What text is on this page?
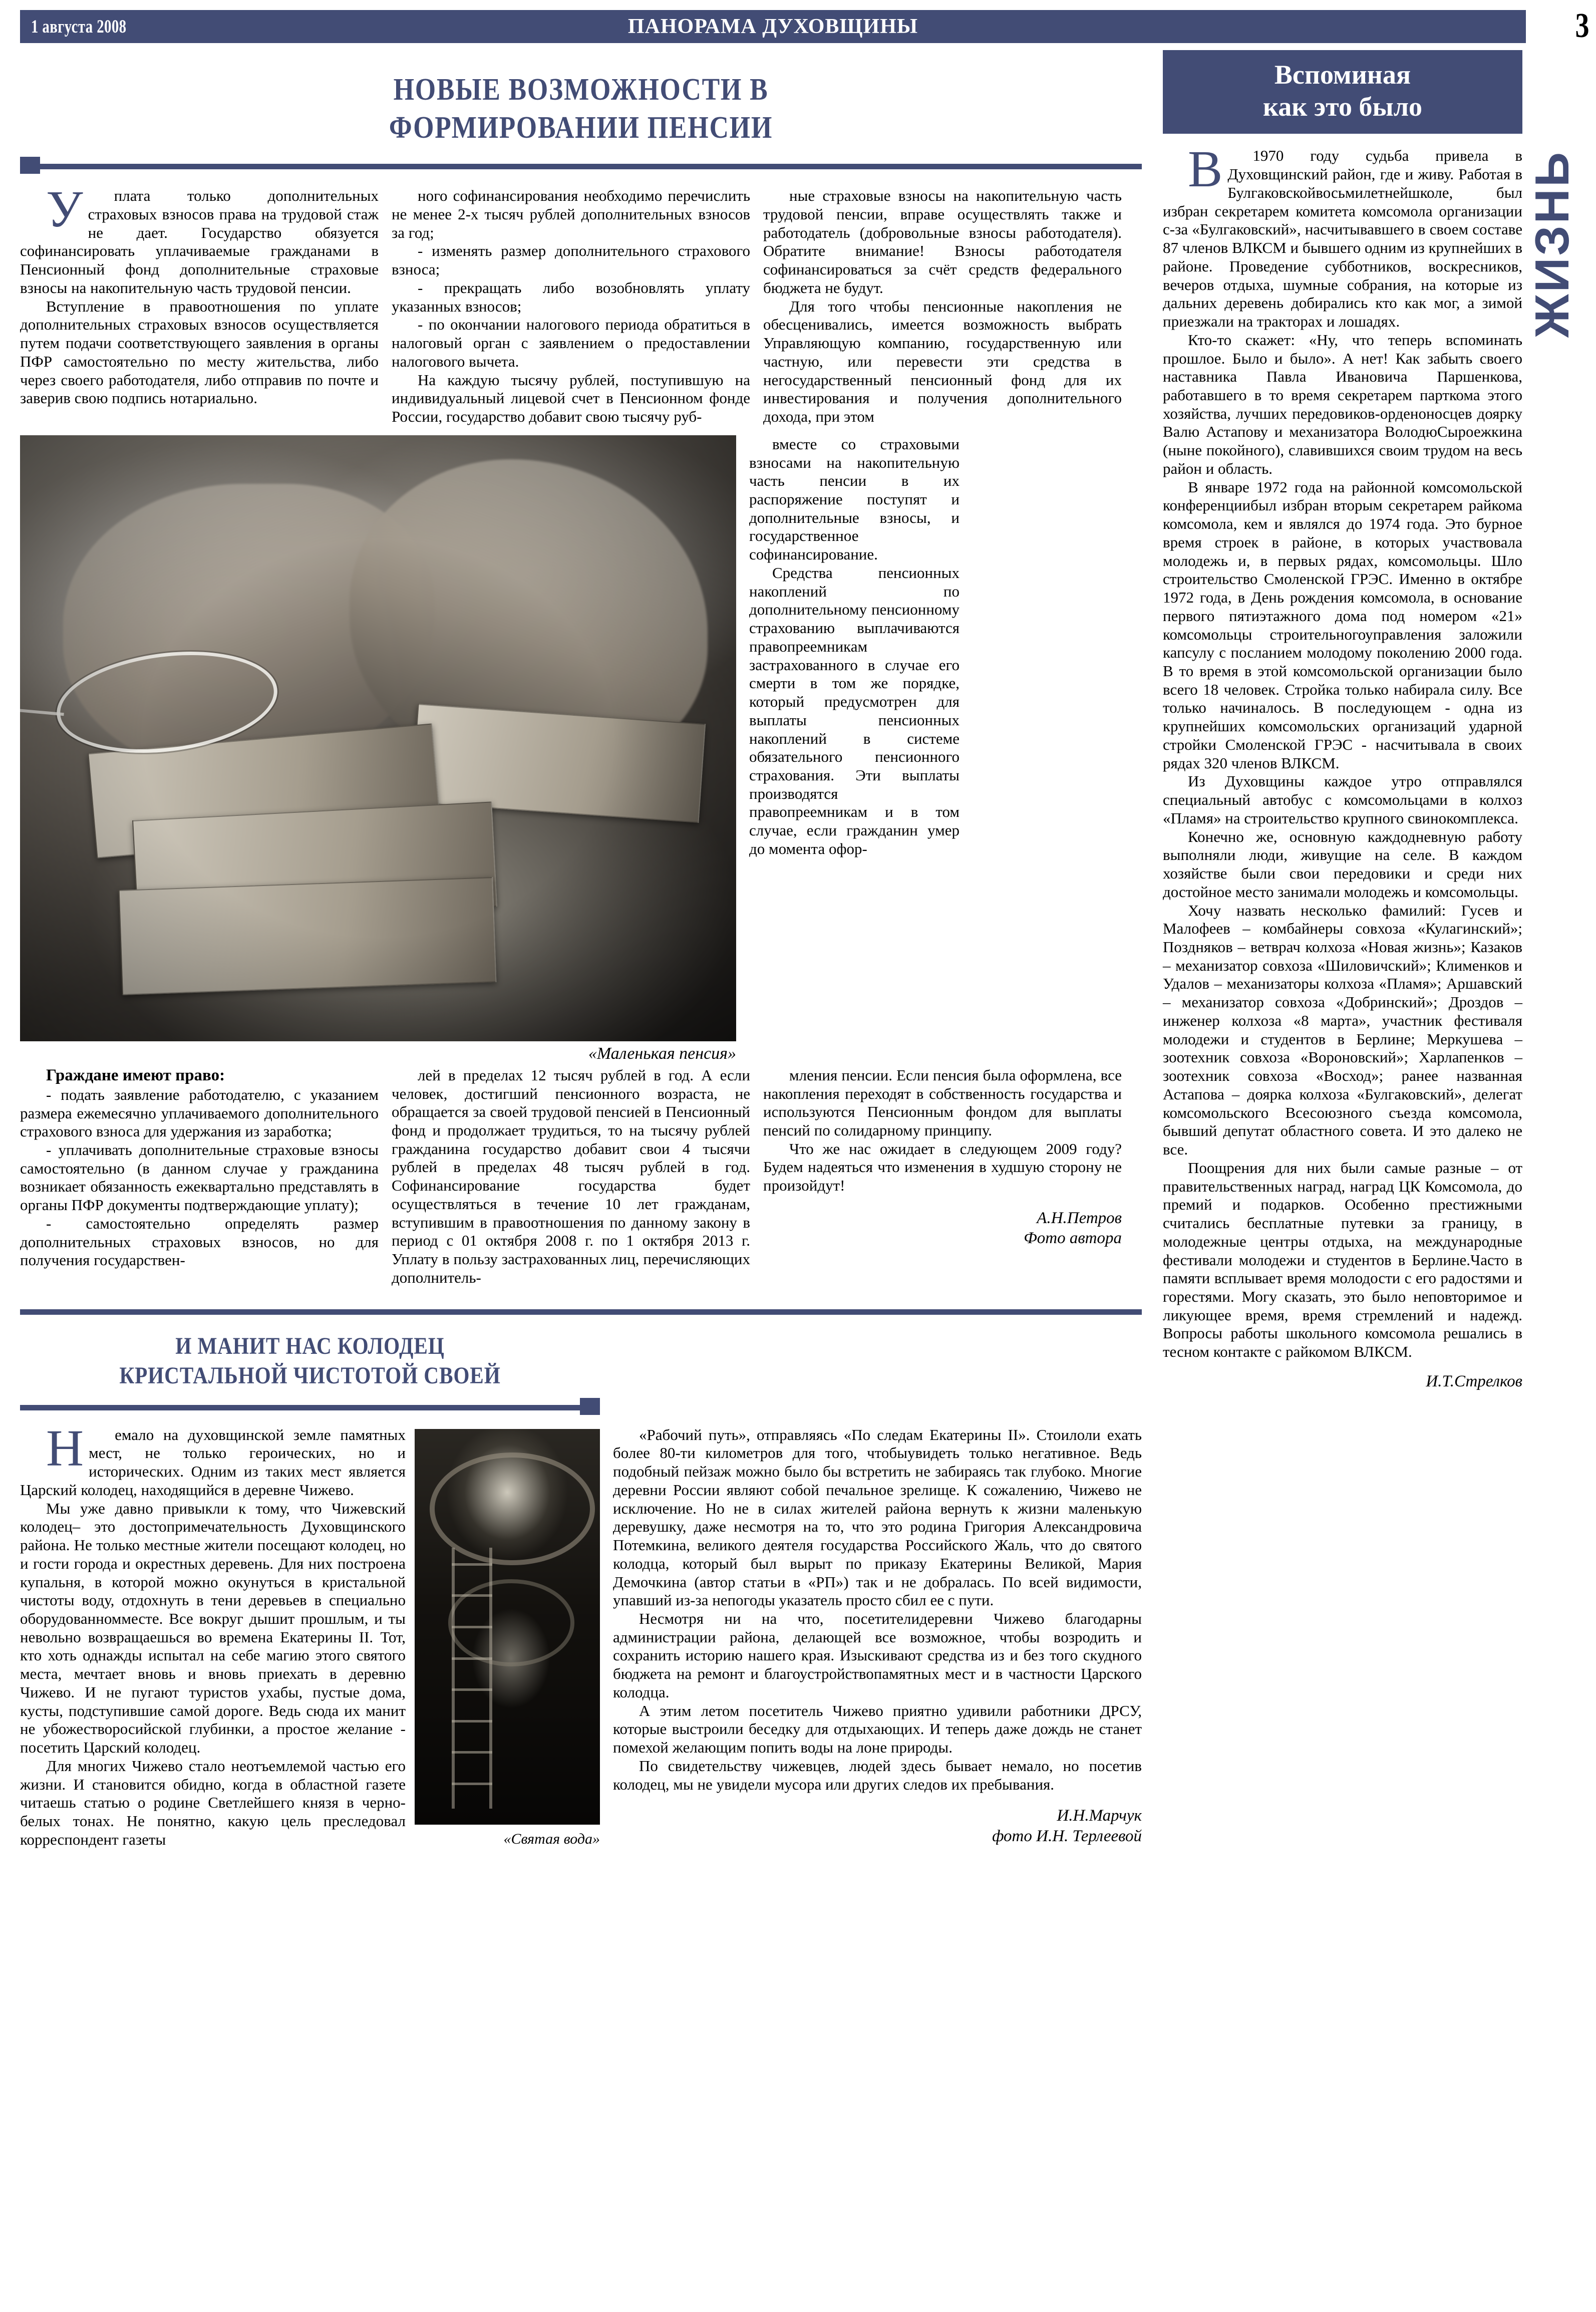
1 августа 2008	ПАНОРАМА ДУХОВЩИНЫ	3
ЖИЗНЬ
НОВЫЕ ВОЗМОЖНОСТИ В
ФОРМИРОВАНИИ ПЕНСИИ

У	плата только дополнительных страховых взносов права на трудовой стаж не дает. Государство обязуется софинансировать уплачиваемые гражданами в Пенсионный фонд дополнительные страховые взносы на накопительную часть трудовой пенсии.

Вступление в правоотношения по уплате дополнительных страховых взносов осуществляется путем подачи соответствующего заявления в органы ПФР самостоятельно по месту жительства, либо через своего работодателя, либо отправив по почте и заверив свою подпись нотариально.

ного софинансирования необходимо перечислить не менее 2-х тысяч рублей дополнительных взносов за год;

- изменять размер дополнительного страхового взноса;

- прекращать либо возобновлять уплату указанных взносов;

- по окончании налогового периода обратиться в налоговый орган с заявлением о предоставлении налогового вычета.

На каждую тысячу рублей, поступившую на индивидуальный лицевой счет в Пенсионном фонде России, государство добавит свою тысячу руб-

ные страховые взносы на накопительную часть трудовой пенсии, вправе осуществлять также и работодатель (добровольные взносы работодателя). Обратите внимание! Взносы работодателя софинансироваться за счёт средств федерального бюджета не будут.

Для того чтобы пенсионные накопления не обесценивались, имеется возможность выбрать Управляющую компанию, государственную или частную, или перевести эти средства в негосударственный пенсионный фонд для их инвестирования и получения дополнительного дохода, при этом

«Маленькая пенсия»

вместе со страховыми взносами на накопительную часть пенсии в их распоряжение поступят и дополнительные взносы, и государственное софинансирование.

Средства пенсионных накоплений по дополнительному пенсионному страхованию выплачиваются правопреемникам застрахованного в случае его смерти в том же порядке, который предусмотрен для выплаты пенсионных накоплений в системе обязательного пенсионного страхования. Эти выплаты производятся правопреемникам и в том случае, если гражданин умер до момента офор-

Граждане имеют право:

- подать заявление работодателю, с указанием размера ежемесячно уплачиваемого дополнительного страхового взноса для удержания из заработка;

- уплачивать дополнительные страховые взносы самостоятельно (в данном случае у гражданина возникает обязанность ежеквартально представлять в органы ПФР документы подтверждающие уплату);

- самостоятельно определять размер дополнительных страховых взносов, но для получения государствен-

лей в пределах 12 тысяч рублей в год. А если человек, достигший пенсионного возраста, не обращается за своей трудовой пенсией в Пенсионный фонд и продолжает трудиться, то на тысячу рублей гражданина государство добавит свои 4 тысячи рублей в пределах 48 тысяч рублей в год. Софинансирование государства будет осуществляться в течение 10 лет гражданам, вступившим в правоотношения по данному закону в период с 01 октября 2008 г. по 1 октября 2013 г. Уплату в пользу застрахованных лиц, перечисляющих дополнитель-

мления пенсии. Если пенсия была оформлена, все накопления переходят в собственность государства и используются Пенсионным фондом для выплаты пенсий по солидарному принципу.

Что же нас ожидает в следующем 2009 году? Будем надеяться что изменения в худшую сторону не произойдут!

А.Н.Петров
Фото автора
И МАНИТ НАС КОЛОДЕЦ
КРИСТАЛЬНОЙ ЧИСТОТОЙ СВОЕЙ

Н	емало на духовщинской земле памятных мест, не только героических, но и исторических. Одним из таких мест является Царский колодец, находящийся в деревне Чижево.

Мы уже давно привыкли к тому, что Чижевский колодец– это достопримечательность Духовщинского района. Не только местные жители посещают колодец, но и гости города и окрестных деревень. Для них построена купальня, в которой можно окунуться в кристальной чистоты воду, отдохнуть в тени деревьев в специально оборудованномместе. Все вокруг дышит прошлым, и ты невольно возвращаешься во времена Екатерины II. Тот, кто хоть однажды испытал на себе магию этого святого места, мечтает вновь и вновь приехать в деревню Чижево. И не пугают туристов ухабы, пустые дома, кусты, подступившие самой дороге. Ведь сюда их манит не убожестворосийской глубинки, а простое желание - посетить Царский колодец.

«Святая вода»

Для многих Чижево стало неотъемлемой частью его жизни. И становится обидно, когда в областной газете читаешь статью о родине Светлейшего князя в черно-белых тонах. Не понятно, какую цель преследовал корреспондент газеты

«Рабочий путь», отправляясь «По следам Екатерины II». Стоилоли ехать более 80-ти километров для того, чтобыувидеть только негативное. Ведь подобный пейзаж можно было бы встретить не забираясь так глубоко. Многие деревни России являют собой печальное зрелище. К сожалению, Чижево не исключение. Но не в силах жителей района вернуть к жизни маленькую деревушку, даже несмотря на то, что это родина Григория Александровича Потемкина, великого деятеля государства Российского Жаль, что до святого колодца, который был вырыт по приказу Екатерины Великой, Мария Демочкина (автор статьи в «РП») так и не добралась. По всей видимости, упавший из-за непогоды указатель просто сбил ее с пути.

Несмотря ни на что, посетителидеревни Чижево благодарны администрации района, делающей все возможное, чтобы возродить и сохранить историю нашего края. Изыскивают средства из и без того скудного бюджета на ремонт и благоустройствопамятных мест и в частности Царского колодца.

А этим летом посетитель Чижево приятно удивили работники ДРСУ, которые выстроили беседку для отдыхающих. И теперь даже дождь не станет помехой желающим попить воды на лоне природы.

По свидетельству чижевцев, людей здесь бывает немало, но посетив колодец, мы не увидели мусора или других следов их пребывания.

И.Н.Марчук
фото И.Н. Терлеевой
Вспоминая
как это было

В	1970 году судьба привела в Духовщинский район, где и живу. Работая в Булгаковскойвосьмилетнейшколе, был избран секретарем комитета комсомола организации с-за «Булгаковский», насчитывавшего в своем составе 87 членов ВЛКСМ и бывшего одним из крупнейших в районе. Проведение субботников, воскресников, вечеров отдыха, шумные собрания, на которые из дальних деревень добирались кто как мог, а зимой приезжали на тракторах и лошадях.

Кто-то скажет: «Ну, что теперь вспоминать прошлое. Было и было». А нет! Как забыть своего наставника Павла Ивановича Паршенкова, работавшего в то время секретарем парткома этого хозяйства, лучших передовиков-орденоносцев доярку Валю Астапову и механизатора ВолодюСыроежкина (ныне покойного), славившихся своим трудом на весь район и область.

В январе 1972 года на районной комсомольской конференциибыл избран вторым секретарем райкома комсомола, кем и являлся до 1974 года. Это бурное время строек в районе, в которых участвовала молодежь и, в первых рядах, комсомольцы. Шло строительство Смоленской ГРЭС. Именно в октябре 1972 года, в День рождения комсомола, в основание первого пятиэтажного дома под номером «21» комсомольцы строительногоуправления заложили капсулу с посланием молодому поколению 2000 года. В то время в этой комсомольской организации было всего 18 человек. Стройка только набирала силу. Все только начиналось. В последующем - одна из крупнейших комсомольских организаций ударной стройки Смоленской ГРЭС - насчитывала в своих рядах 320 членов ВЛКСМ.

Из Духовщины каждое утро отправлялся специальный автобус с комсомольцами в колхоз «Пламя» на строительство крупного свинокомплекса.

Конечно же, основную каждодневную работу выполняли люди, живущие на селе. В каждом хозяйстве были свои передовики и среди них достойное место занимали молодежь и комсомольцы.

Хочу назвать несколько фамилий: Гусев и Малофеев – комбайнеры совхоза «Кулагинский»; Поздняков – ветврач колхоза «Новая жизнь»; Казаков – механизатор совхоза «Шиловичский»; Клименков и Удалов – механизаторы колхоза «Пламя»; Аршавский – механизатор совхоза «Добринский»; Дроздов – инженер колхоза «8 марта», участник фестиваля молодежи и студентов в Берлине; Меркушева – зоотехник совхоза «Вороновский»; Харлапенков – зоотехник совхоза «Восход»; ранее названная Астапова – доярка колхоза «Булгаковский», делегат комсомольского Всесоюзного съезда комсомола, бывший депутат областного совета. И это далеко не все.

Поощрения для них были самые разные – от правительственных наград, наград ЦК Комсомола, до премий и подарков. Особенно престижными считались бесплатные путевки за границу, в молодежные центры отдыха, на международные фестивали молодежи и студентов в Берлине.Часто в памяти всплывает время молодости с его радостями и горестями. Могу сказать, это было неповторимое и ликующее время, время стремлений и надежд. Вопросы работы школьного комсомола решались в тесном контакте с райкомом ВЛКСМ.

И.Т.Стрелков
